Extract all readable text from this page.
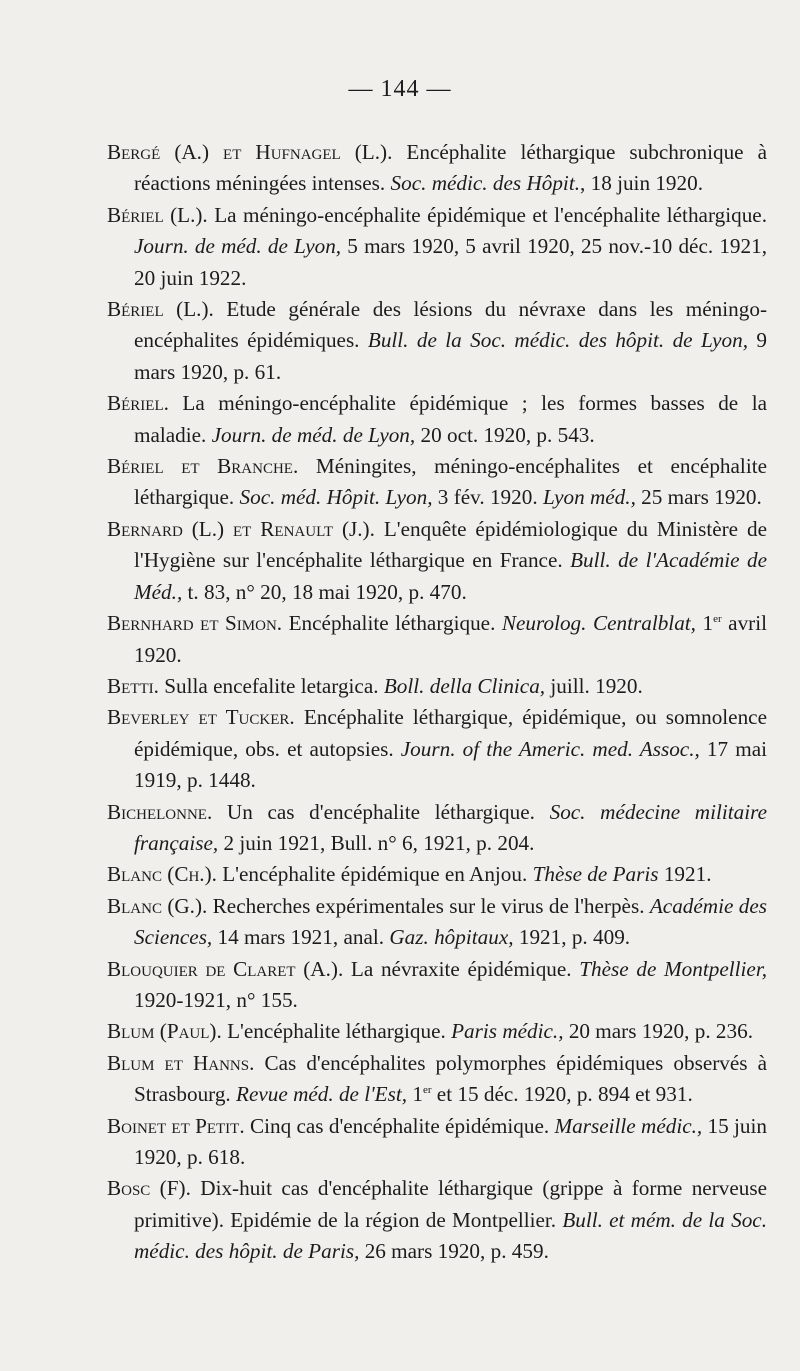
— 144 —

Bergé (A.) et Hufnagel (L.). Encéphalite léthargique subchronique à réactions méningées intenses. Soc. médic. des Hôpit., 18 juin 1920.

Bériel (L.). La méningo-encéphalite épidémique et l'encéphalite léthargique. Journ. de méd. de Lyon, 5 mars 1920, 5 avril 1920, 25 nov.-10 déc. 1921, 20 juin 1922.

Bériel (L.). Etude générale des lésions du névraxe dans les méningo-encéphalites épidémiques. Bull. de la Soc. médic. des hôpit. de Lyon, 9 mars 1920, p. 61.

Bériel. La méningo-encéphalite épidémique ; les formes basses de la maladie. Journ. de méd. de Lyon, 20 oct. 1920, p. 543.

Bériel et Branche. Méningites, méningo-encéphalites et encéphalite léthargique. Soc. méd. Hôpit. Lyon, 3 fév. 1920. Lyon méd., 25 mars 1920.

Bernard (L.) et Renault (J.). L'enquête épidémiologique du Ministère de l'Hygiène sur l'encéphalite léthargique en France. Bull. de l'Académie de Méd., t. 83, n° 20, 18 mai 1920, p. 470.

Bernhard et Simon. Encéphalite léthargique. Neurolog. Centralblat, 1er avril 1920.

Betti. Sulla encefalite letargica. Boll. della Clinica, juill. 1920.

Beverley et Tucker. Encéphalite léthargique, épidémique, ou somnolence épidémique, obs. et autopsies. Journ. of the Americ. med. Assoc., 17 mai 1919, p. 1448.

Bichelonne. Un cas d'encéphalite léthargique. Soc. médecine militaire française, 2 juin 1921, Bull. n° 6, 1921, p. 204.

Blanc (Ch.). L'encéphalite épidémique en Anjou. Thèse de Paris 1921.

Blanc (G.). Recherches expérimentales sur le virus de l'herpès. Académie des Sciences, 14 mars 1921, anal. Gaz. hôpitaux, 1921, p. 409.

Blouquier de Claret (A.). La névraxite épidémique. Thèse de Montpellier, 1920-1921, n° 155.

Blum (Paul). L'encéphalite léthargique. Paris médic., 20 mars 1920, p. 236.

Blum et Hanns. Cas d'encéphalites polymorphes épidémiques observés à Strasbourg. Revue méd. de l'Est, 1er et 15 déc. 1920, p. 894 et 931.

Boinet et Petit. Cinq cas d'encéphalite épidémique. Marseille médic., 15 juin 1920, p. 618.

Bosc (F). Dix-huit cas d'encéphalite léthargique (grippe à forme nerveuse primitive). Epidémie de la région de Montpellier. Bull. et mém. de la Soc. médic. des hôpit. de Paris, 26 mars 1920, p. 459.
